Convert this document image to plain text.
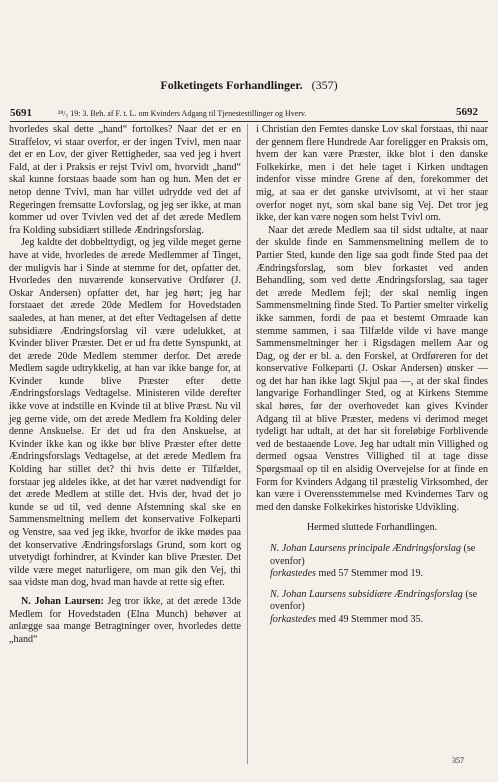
Folketingets Forhandlinger. (357)
5691	²⁸/₅ 19: 3. Beh. af F. t. L. om Kvinders Adgang til Tjenestestillinger og Hverv.	5692

hvorledes skal dette „hand“ fortolkes? Naar det er en Straffelov, vi staar overfor, er der ingen Tvivl, men naar det er en Lov, der giver Rettigheder, saa ved jeg i hvert Fald, at der i Praksis er rejst Tvivl om, hvorvidt „hand“ skal kunne forstaas baade som han og hun. Men det er netop denne Tvivl, man har villet udrydde ved det af Regeringen fremsatte Lovforslag, og jeg ser ikke, at man kommer ud over Tvivlen ved det af det ærede Medlem fra Kolding subsidiært stillede Ændringsforslag.

Jeg kaldte det dobbelttydigt, og jeg vilde meget gerne have at vide, hvorledes de ærede Medlemmer af Tinget, der muligvis har i Sinde at stemme for det, opfatter det. Hvorledes den nuværende konservative Ordfører (J. Oskar Andersen) opfatter det, har jeg hørt; jeg har forstaaet det ærede 20de Medlem for Hovedstaden saaledes, at han mener, at det efter Vedtagelsen af dette subsidiære Ændringsforslag vil være udelukket, at Kvinder bliver Præster. Det er ud fra dette Synspunkt, at det ærede 20de Medlem stemmer derfor. Det ærede Medlem sagde udtrykkelig, at han var ikke bange for, at Kvinder kunde blive Præster efter dette Ændringsforslags Vedtagelse. Ministeren vilde derefter ikke vove at indstille en Kvinde til at blive Præst. Nu vil jeg gerne vide, om det ærede Medlem fra Kolding deler denne Anskuelse. Er det ud fra den Anskuelse, at Kvinder ikke kan og ikke bør blive Præster efter dette Ændringsforslags Vedtagelse, at det ærede Medlem fra Kolding har stillet det? thi hvis dette er Tilfældet, forstaar jeg aldeles ikke, at det har været nødvendigt for det ærede Medlem at stille det. Hvis der, hvad det jo kunde se ud til, ved denne Afstemning skal ske en Sammensmeltning mellem det konservative Folkeparti og Venstre, saa ved jeg ikke, hvorfor de ikke mødes paa det konservative Ændringsforslags Grund, som kort og utvetydigt forhindrer, at Kvinder kan blive Præster. Det vilde være meget naturligere, om man gik den Vej, thi saa vidste man dog, hvad man havde at rette sig efter.

N. Johan Laursen: Jeg tror ikke, at det ærede 13de Medlem for Hovedstaden (Elna Munch) behøver at anlægge saa mange Betragtninger over, hvorledes dette „hand“

i Christian den Femtes danske Lov skal forstaas, thi naar der gennem flere Hundrede Aar foreligger en Praksis om, hvem der kan være Præster, ikke blot i den danske Folkekirke, men i det hele taget i Kirken undtagen indenfor visse mindre Grene af den, forekommer det mig, at saa er det ganske utvivlsomt, at vi her staar overfor noget nyt, som skal bane sig Vej. Det tror jeg ikke, der kan være nogen som helst Tvivl om.

Naar det ærede Medlem saa til sidst udtalte, at naar der skulde finde en Sammensmeltning mellem de to Partier Sted, kunde den lige saa godt finde Sted paa det Ændringsforslag, som blev forkastet ved anden Behandling, som ved dette Ændringsforslag, saa tager det ærede Medlem fejl; der skal nemlig ingen Sammensmeltning finde Sted. To Partier smelter virkelig ikke sammen, fordi de paa et bestemt Omraade kan stemme sammen, i saa Tilfælde vilde vi have mange Sammensmeltninger her i Rigsdagen mellem Aar og Dag, og der er bl. a. den Forskel, at Ordføreren for det konservative Folkeparti (J. Oskar Andersen) ønsker — og det har han ikke lagt Skjul paa —, at der skal findes langvarige Forhandlinger Sted, og at Kirkens Stemme skal høres, før der overhovedet kan gives Kvinder Adgang til at blive Præster, medens vi derimod meget tydeligt har udtalt, at det har sit foreløbige Forblivende ved de bestaaende Love. Jeg har udtalt min Villighed og dermed ogsaa Venstres Villighed til at tage disse Spørgsmaal op til en alsidig Overvejelse for at finde en Form for Kvinders Adgang til præstelig Virksomhed, der kan være i Overensstemmelse med Kvindernes Tarv og med den danske Folkekirkes historiske Udvikling.

Hermed sluttede Forhandlingen.

N. Johan Laursens principale Ændringsforslag (se ovenfor)
forkastedes med 57 Stemmer mod 19.

N. Johan Laursens subsidiære Ændringsforslag (se ovenfor)
forkastedes med 49 Stemmer mod 35.

357
